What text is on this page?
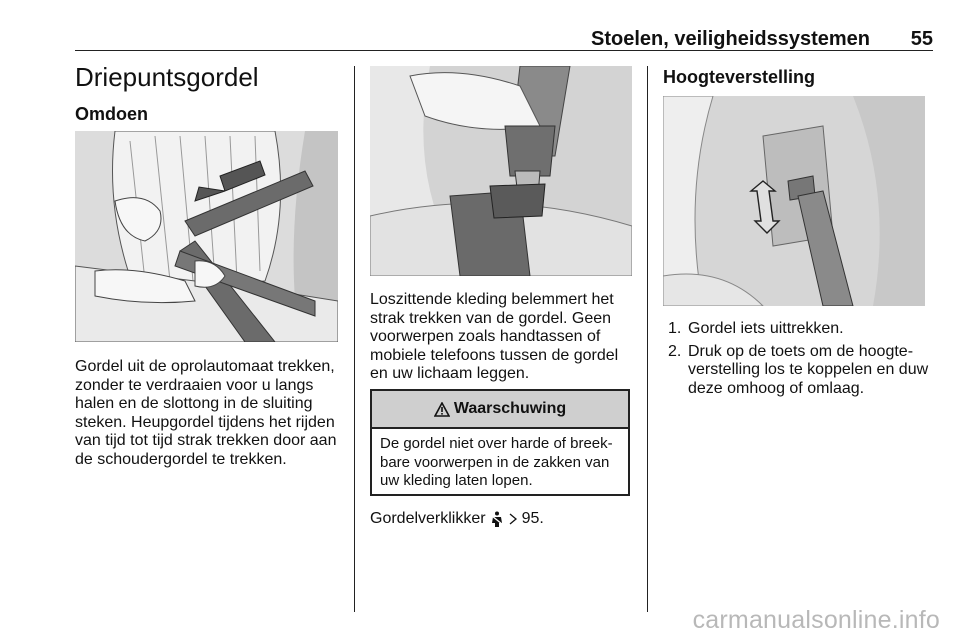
Stoelen, veiligheidssystemen	55
Driepuntsgordel
Omdoen

Gordel uit de oprolautomaat trekken, zonder te verdraaien voor u langs halen en de slottong in de sluiting steken. Heupgordel tijdens het rijden van tijd tot tijd strak trekken door aan de schoudergordel te trekken.

Loszittende kleding belemmert het strak trekken van de gordel. Geen voorwerpen zoals handtassen of mobiele telefoons tussen de gordel en uw lichaam leggen.

Waarschuwing
De gordel niet over harde of breekbare voorwerpen in de zakken van uw kleding laten lopen.
Gordelverklikker 95.
Hoogteverstelling
1. Gordel iets uittrekken.
2. Druk op de toets om de hoogteverstelling los te koppelen en duw deze omhoog of omlaag.
carmanualsonline.info
